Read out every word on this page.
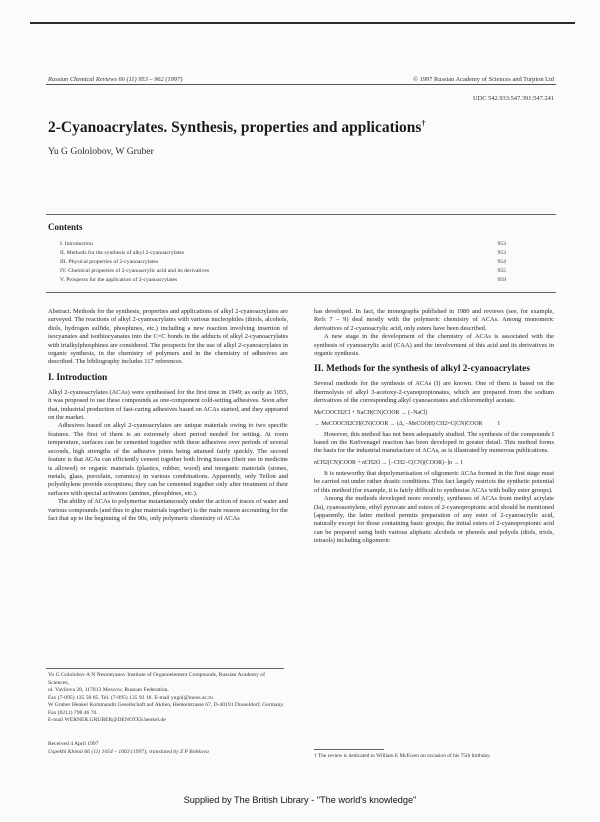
Russian Chemical Reviews 66 (11) 953 – 962 (1997)	© 1997 Russian Academy of Sciences and Turpion Ltd
UDC 542.933:547.391:547.241
2-Cyanoacrylates. Synthesis, properties and applications†
Yu G Gololobov, W Gruber
Contents
I. Introduction	953
II. Methods for the synthesis of alkyl 2-cyanoacrylates	953
III. Physical properties of 2-cyanoacrylates	954
IV. Chemical properties of 2-cyanoacrylic acid and its derivatives	955
V. Prospects for the application of 2-cyanoacrylates	959

Abstract. Methods for the synthesis, properties and applications of alkyl 2-cyanoacrylates are surveyed. The reactions of alkyl 2-cyanoacrylates with various nucleophiles (thiols, alcohols, diols, hydrogen sulfide, phosphines, etc.) including a new reaction involving insertion of isocyanates and isothiocyanates into the C=C bonds in the adducts of alkyl 2-cyanoacrylates with trialkylphosphines are considered. The prospects for the use of alkyl 2-cyanoacrylates in organic synthesis, in the chemistry of polymers and in the chemistry of adhesives are described. The bibliography includes 117 references.

I. Introduction

Alkyl 2-cyanoacrylates (ACAs) were synthesised for the first time in 1949; as early as 1955, it was proposed to use these compounds as one-component cold-setting adhesives. Soon after that, industrial production of fast-curing adhesives based on ACAs started, and they appeared on the market.

Adhesives based on alkyl 2-cyanoacrylates are unique materials owing to two specific features. The first of them is an extremely short period needed for setting. At room temperature, surfaces can be cemented together with these adhesives over periods of several seconds, high strengths of the adhesive joints being attained fairly quickly. The second feature is that ACAs can efficiently cement together both living tissues (their use in medicine is allowed) or organic materials (plastics, rubber, wood) and inorganic materials (stones, metals, glass, porcelain, ceramics) in various combinations. Apparently, only Teflon and polyethylene provide exceptions; they can be cemented together only after treatment of their surfaces with special activators (amines, phosphines, etc.).

The ability of ACAs to polymerise instantaneously under the action of traces of water and various compounds (and thus to glue materials together) is the main reason accounting for the fact that up to the beginning of the 90s, only polymeric chemistry of ACAs

has developed. In fact, the monographs published in 1980 and reviews (see, for example, Refs 7 – 9) deal mostly with the polymeric chemistry of ACAs. Among monomeric derivatives of 2-cyanoacrylic acid, only esters have been described.

A new stage in the development of the chemistry of ACAs is associated with the synthesis of cyanoacrylic acid (CAA) and the involvement of this acid and its derivatives in organic synthesis.

II. Methods for the synthesis of alkyl 2-cyanoacrylates

Several methods for the synthesis of ACAs (I) are known. One of them is based on the thermolysis of alkyl 3-acetoxy-2-cyanopropionates, which are prepared from the sodium derivatives of the corresponding alkyl cyanoacetates and chloromethyl acetate.

MeCOOCH2Cl + NaCH(CN)COOR → (−NaCl)
→ MeCOOCH2CH(CN)COOR → (Δ, −MeCOOH) CH2=C(CN)COOR	I

However, this method has not been adequately studied. The synthesis of the compounds I based on the Knövenagel reaction has been developed in greater detail. This method forms the basis for the industrial manufacture of ACAs, as is illustrated by numerous publications.

nCH2(CN)COOR + nCH2O → [−CH2−C(CN)(COOR)−]n → I

It is noteworthy that depolymerisation of oligomeric ACAs formed in the first stage must be carried out under rather drastic conditions. This fact largely restricts the synthetic potential of this method (for example, it is fairly difficult to synthesise ACAs with bulky ester groups).

Among the methods developed more recently, syntheses of ACAs from methyl acrylate (Ia), cyanoacetylene, ethyl pyruvate and esters of 2-cyanopropionic acid should be mentioned [apparently, the latter method permits preparation of any ester of 2-cyanoacrylic acid, naturally except for those containing basic groups; the initial esters of 2-cyanopropionic acid can be prepared using both various aliphatic alcohols or phenols and polyols (diols, triols, tetraols) including oligomeric

Yu G Gololobov A N Nesmeyanov Institute of Organoelement Compounds, Russian Academy of Sciences,

ul. Vavilova 28, 117813 Moscow, Russian Federation.

Fax (7-095) 135 50 85. Tel. (7-095) 135 93 18. E-mail yugol@ineos.ac.ru

W Gruber Henkel Kommandit Gesellschaft auf Aktien, Henkelstrasse 67, D-40191 Dusseldorf, Germany. Fax (0211) 798 46 70.

E-mail WERNER.GRUBER@DENOTES.henkel.de

Received 4 April 1997

Uspekhi Khimii 66 (11) 1054 – 1063 (1997); translated by Z P Bobkova

† The review is dedicated to William E McEwen on occasion of his 75th birthday.
Supplied by The British Library - "The world's knowledge"
